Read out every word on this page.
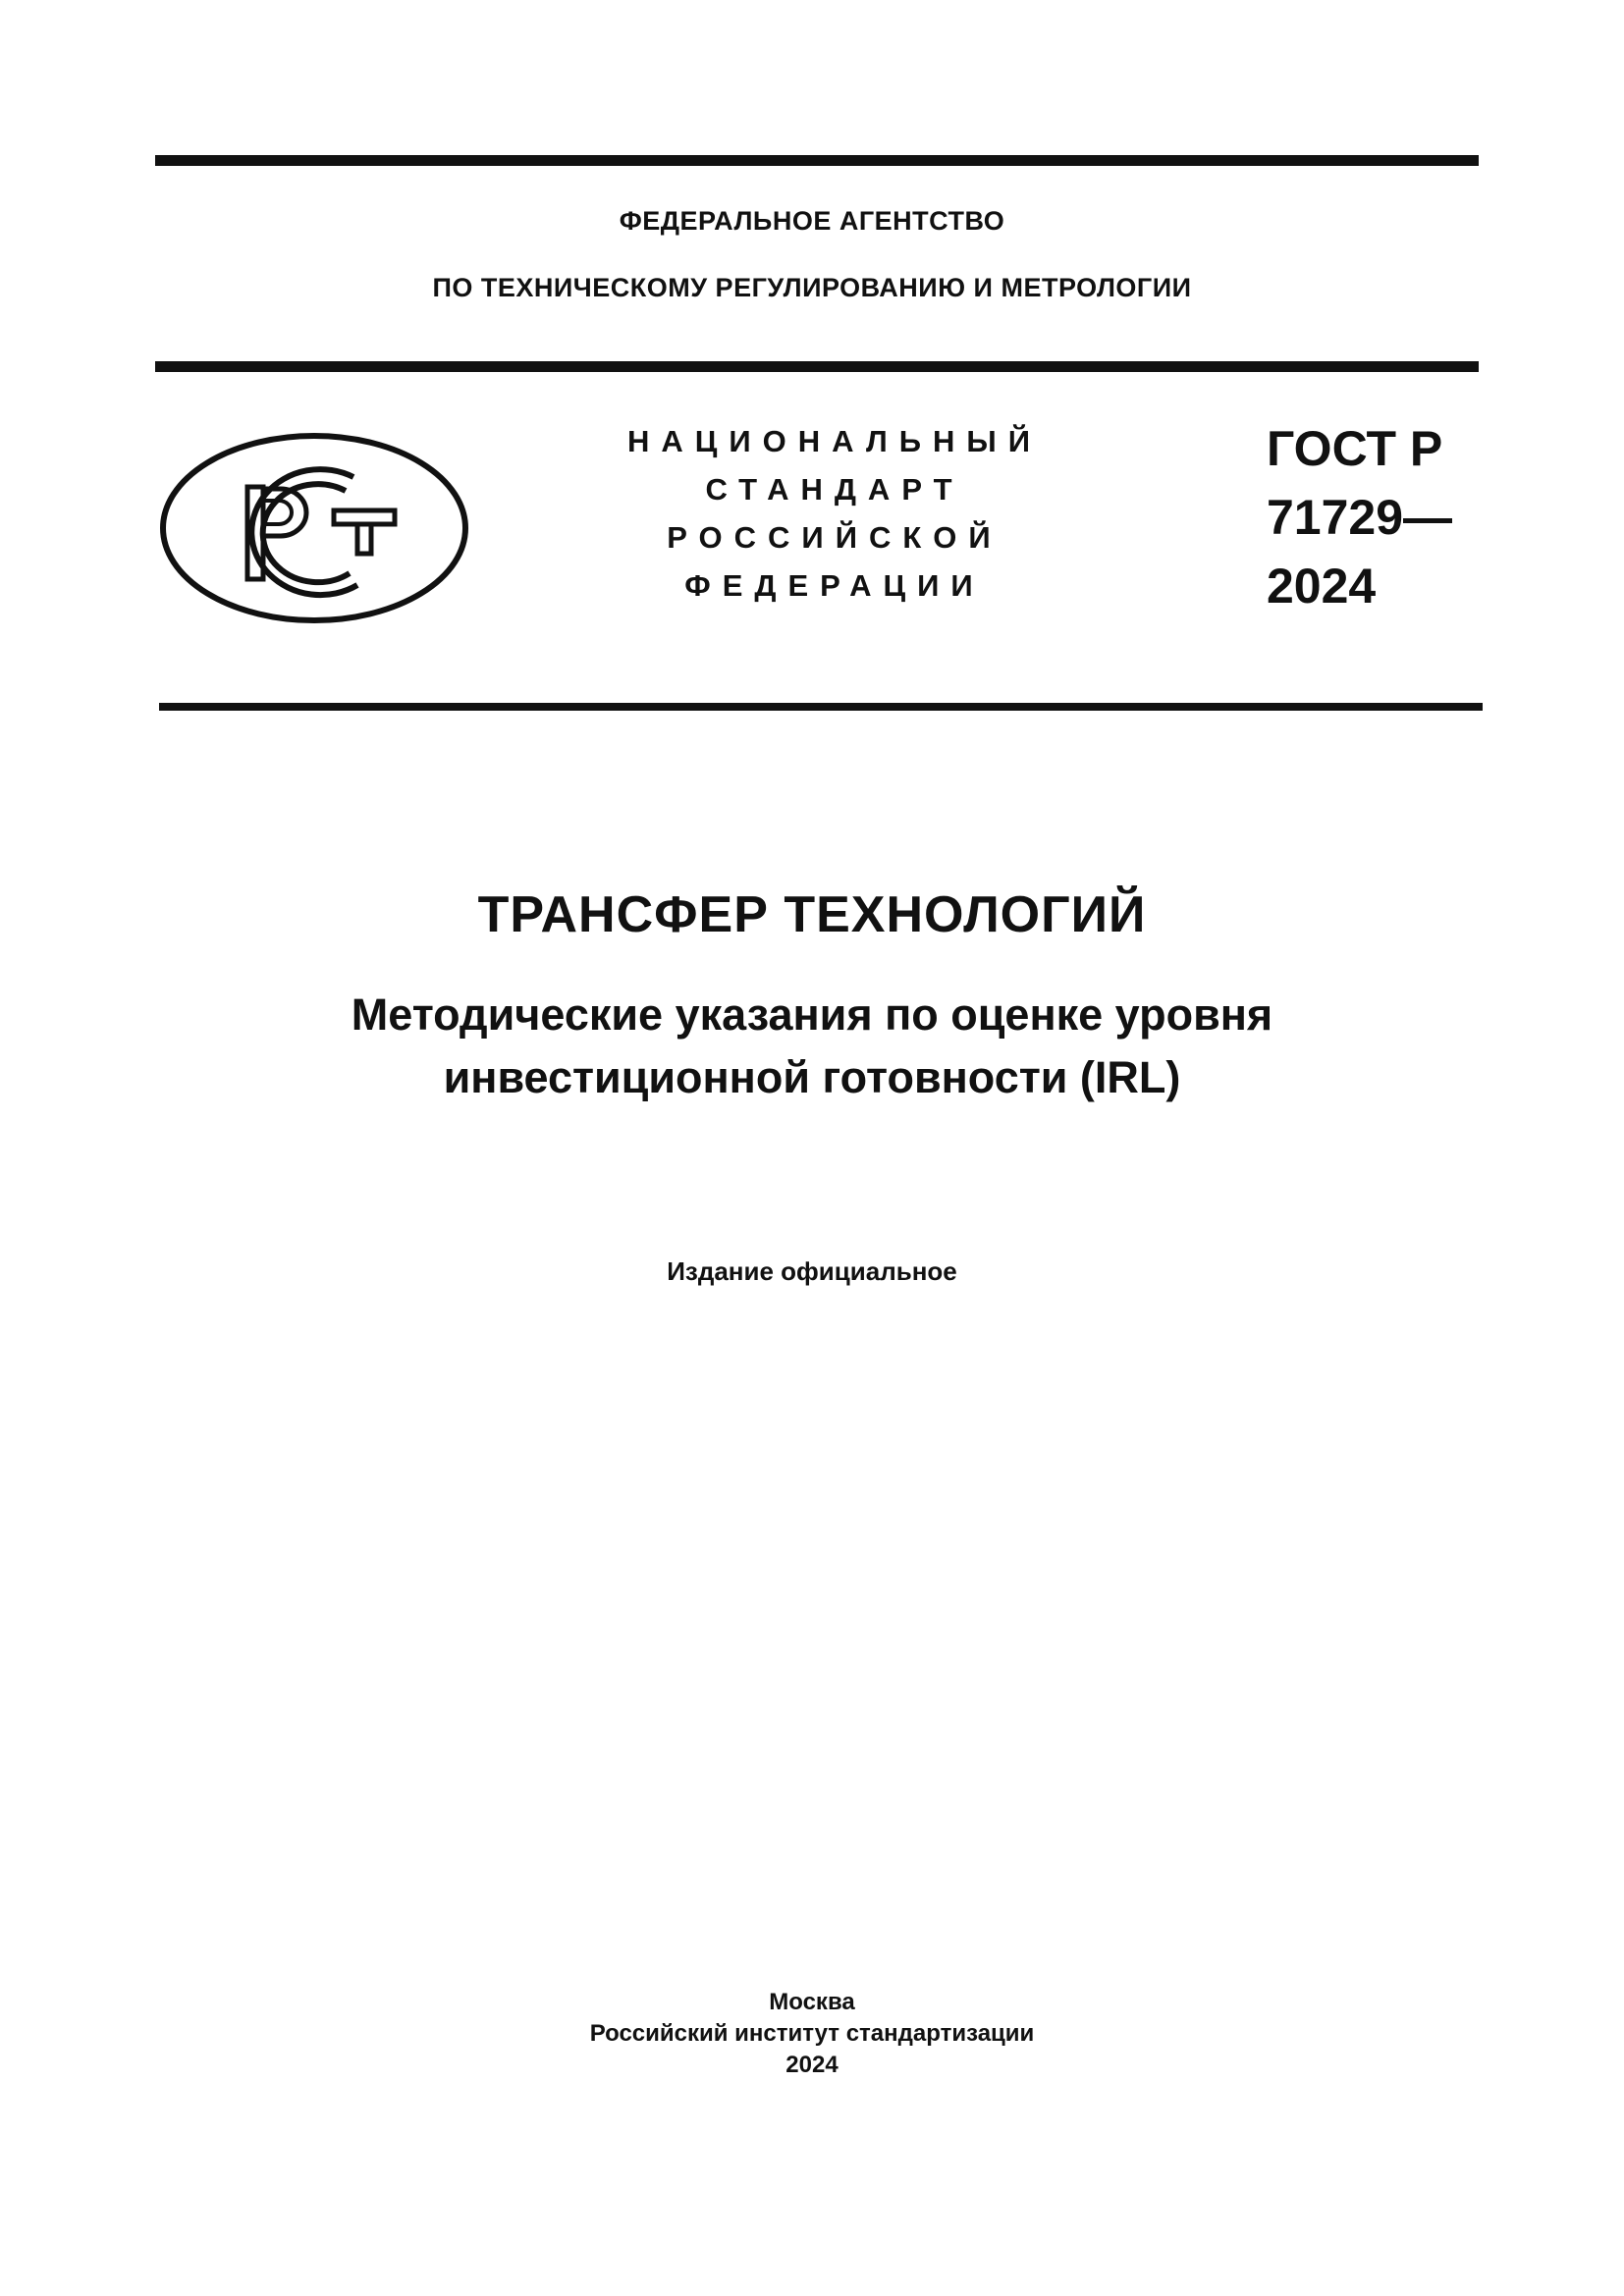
ФЕДЕРАЛЬНОЕ АГЕНТСТВО
ПО ТЕХНИЧЕСКОМУ РЕГУЛИРОВАНИЮ И МЕТРОЛОГИИ
НАЦИОНАЛЬНЫЙ
СТАНДАРТ
РОССИЙСКОЙ
ФЕДЕРАЦИИ
ГОСТ Р
71729—
2024
ТРАНСФЕР ТЕХНОЛОГИЙ
Методические указания по оценке уровня
инвестиционной готовности (IRL)
Издание официальное
Москва
Российский институт стандартизации
2024
